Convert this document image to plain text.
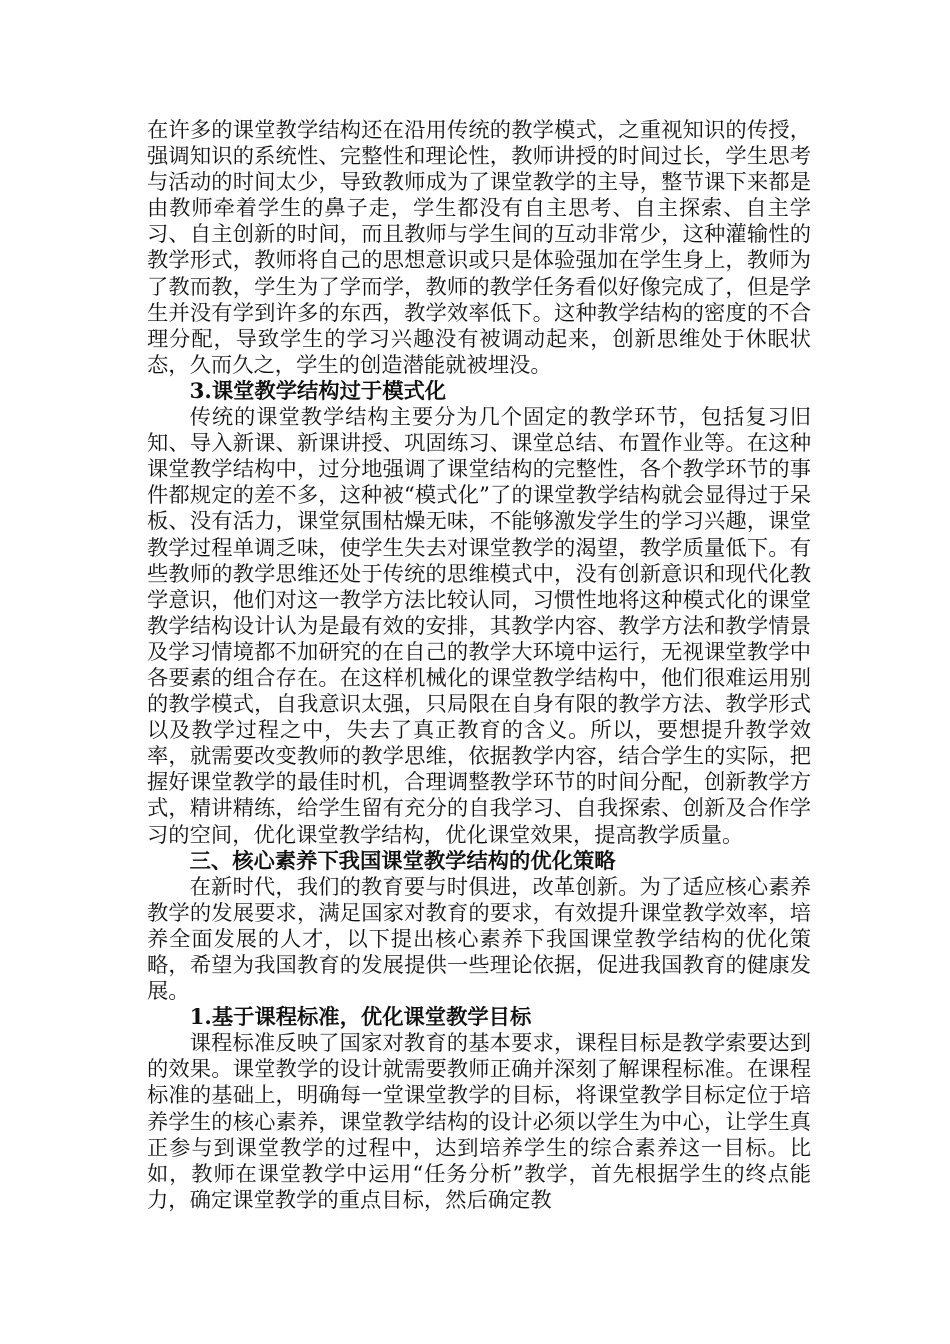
在许多的课堂教学结构还在沿用传统的教学模式，之重视知识的传授，强调知识的系统性、完整性和理论性，教师讲授的时间过长，学生思考与活动的时间太少，导致教师成为了课堂教学的主导，整节课下来都是由教师牵着学生的鼻子走，学生都没有自主思考、自主探索、自主学习、自主创新的时间，而且教师与学生间的互动非常少，这种灌输性的教学形式，教师将自己的思想意识或只是体验强加在学生身上，教师为了教而教，学生为了学而学，教师的教学任务看似好像完成了，但是学生并没有学到许多的东西，教学效率低下。这种教学结构的密度的不合理分配，导致学生的学习兴趣没有被调动起来，创新思维处于休眠状态，久而久之，学生的创造潜能就被埋没。

3.课堂教学结构过于模式化

传统的课堂教学结构主要分为几个固定的教学环节，包括复习旧知、导入新课、新课讲授、巩固练习、课堂总结、布置作业等。在这种课堂教学结构中，过分地强调了课堂结构的完整性，各个教学环节的事件都规定的差不多，这种被“模式化”了的课堂教学结构就会显得过于呆板、没有活力，课堂氛围枯燥无味，不能够激发学生的学习兴趣，课堂教学过程单调乏味，使学生失去对课堂教学的渴望，教学质量低下。有些教师的教学思维还处于传统的思维模式中，没有创新意识和现代化教学意识，他们对这一教学方法比较认同，习惯性地将这种模式化的课堂教学结构设计认为是最有效的安排，其教学内容、教学方法和教学情景及学习情境都不加研究的在自己的教学大环境中运行，无视课堂教学中各要素的组合存在。在这样机械化的课堂教学结构中，他们很难运用别的教学模式，自我意识太强，只局限在自身有限的教学方法、教学形式以及教学过程之中，失去了真正教育的含义。所以，要想提升教学效率，就需要改变教师的教学思维，依据教学内容，结合学生的实际，把握好课堂教学的最佳时机，合理调整教学环节的时间分配，创新教学方式，精讲精练，给学生留有充分的自我学习、自我探索、创新及合作学习的空间，优化课堂教学结构，优化课堂效果，提高教学质量。

三、核心素养下我国课堂教学结构的优化策略

在新时代，我们的教育要与时俱进，改革创新。为了适应核心素养教学的发展要求，满足国家对教育的要求，有效提升课堂教学效率，培养全面发展的人才，以下提出核心素养下我国课堂教学结构的优化策略，希望为我国教育的发展提供一些理论依据，促进我国教育的健康发展。

1.基于课程标准，优化课堂教学目标

课程标准反映了国家对教育的基本要求，课程目标是教学索要达到的效果。课堂教学的设计就需要教师正确并深刻了解课程标准。在课程标准的基础上，明确每一堂课堂教学的目标，将课堂教学目标定位于培养学生的核心素养，课堂教学结构的设计必须以学生为中心，让学生真正参与到课堂教学的过程中，达到培养学生的综合素养这一目标。比如，教师在课堂教学中运用“任务分析”教学，首先根据学生的终点能力，确定课堂教学的重点目标，然后确定教
